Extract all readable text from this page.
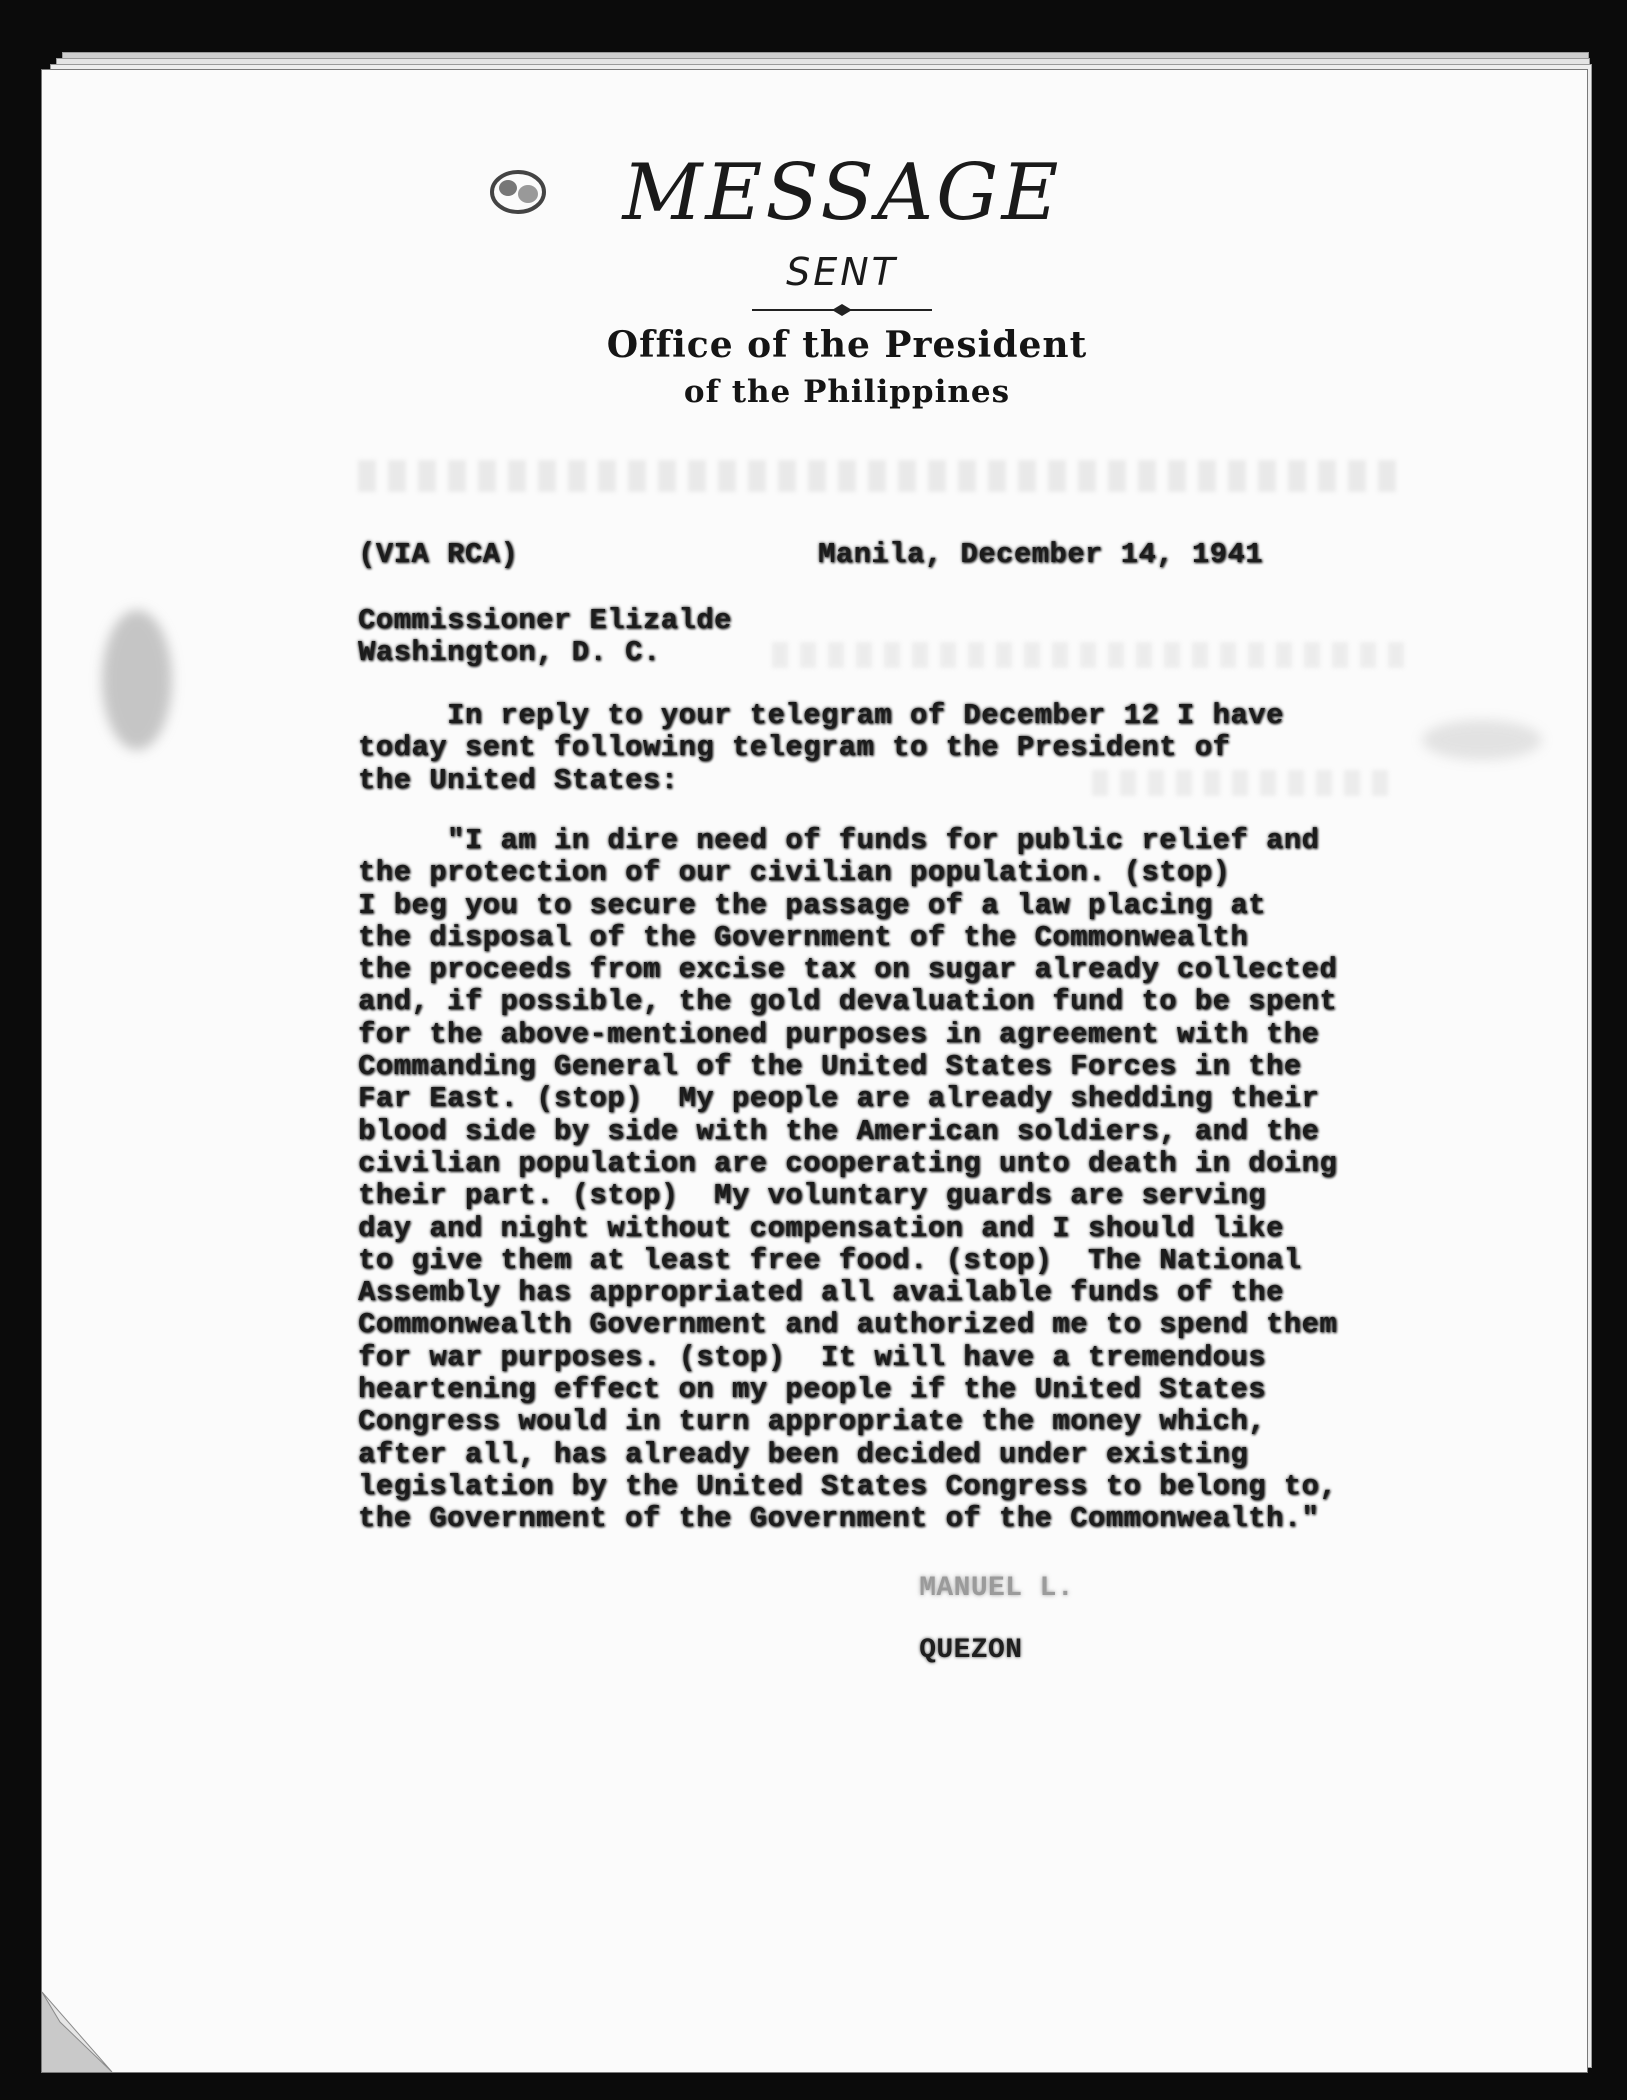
MESSAGE
SENT
Office of the President
of the Philippines
(VIA RCA)	Manila, December 14, 1941
Commissioner Elizalde
Washington, D. C.
In reply to your telegram of December 12 I have
today sent following telegram to the President of
the United States:
"I am in dire need of funds for public relief and
the protection of our civilian population. (stop)
I beg you to secure the passage of a law placing at
the disposal of the Government of the Commonwealth
the proceeds from excise tax on sugar already collected
and, if possible, the gold devaluation fund to be spent
for the above-mentioned purposes in agreement with the
Commanding General of the United States Forces in the
Far East. (stop)  My people are already shedding their
blood side by side with the American soldiers, and the
civilian population are cooperating unto death in doing
their part. (stop)  My voluntary guards are serving
day and night without compensation and I should like
to give them at least free food. (stop)  The National
Assembly has appropriated all available funds of the
Commonwealth Government and authorized me to spend them
for war purposes. (stop)  It will have a tremendous
heartening effect on my people if the United States
Congress would in turn appropriate the money which,
after all, has already been decided under existing
legislation by the United States Congress to belong to,
the Government of the Government of the Commonwealth."

MANUEL L.

QUEZON
